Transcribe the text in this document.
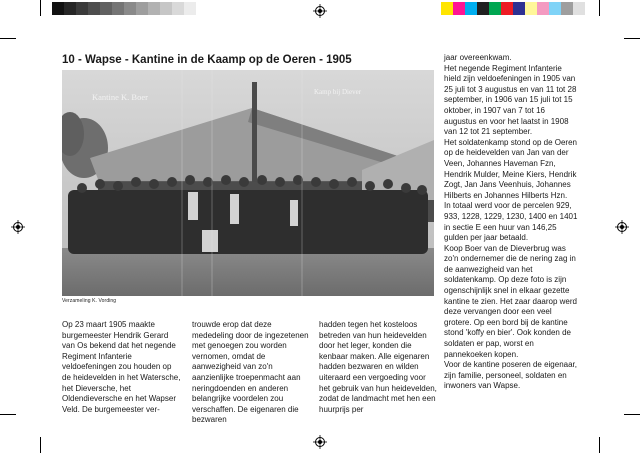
10 - Wapse - Kantine in de Kaamp op de Oeren - 1905
Kantine K. Boer	Kamp bij Diever
Verzameling K. Vording

Op 23 maart 1905 maakte burgemeester Hendrik Gerard van Os bekend dat het negende Regiment Infanterie veldoefeningen zou houden op de heidevelden in het Watersche, het Dieversche, het Oldendieversche en het Wapser Veld. De burgemeester ver-

trouwde erop dat deze mededeling door de ingezetenen met genoegen zou worden vernomen, omdat de aanwezigheid van zo'n aanzienlijke troepenmacht aan neringdoenden en anderen belangrijke voordelen zou verschaffen. De eigenaren die bezwaren

hadden tegen het kosteloos betreden van hun heidevelden door het leger, konden die kenbaar maken. Alle eigenaren hadden bezwaren en wilden uiteraard een vergoeding voor het gebruik van hun heidevelden, zodat de landmacht met hen een huurprijs per

jaar overeenkwam.
Het negende Regiment Infanterie hield zijn veldoefeningen in 1905 van 25 juli tot 3 augustus en van 11 tot 28 september, in 1906 van 15 juli tot 15 oktober, in 1907 van 7 tot 16 augustus en voor het laatst in 1908 van 12 tot 21 september.
Het soldatenkamp stond op de Oeren op de heidevelden van Jan van der Veen, Johannes Haveman Fzn, Hendrik Mulder, Meine Kiers, Hendrik Zogt, Jan Jans Veenhuis, Johannes Hilberts en Johannes Hilberts Hzn.
In totaal werd voor de percelen 929, 933, 1228, 1229, 1230, 1400 en 1401 in sectie E een huur van 146,25 gulden per jaar betaald.
Koop Boer van de Dieverbrug was zo'n ondernemer die de nering zag in de aanwezigheid van het soldatenkamp. Op deze foto is zijn ogenschijnlijk snel in elkaar gezette kantine te zien. Het zaar daarop werd deze vervangen door een veel grotere. Op een bord bij de kantine stond 'koffy en bier'. Ook konden de soldaten er pap, worst en pannekoeken kopen.
Voor de kantine poseren de eigenaar, zijn familie, personeel, soldaten en inwoners van Wapse.
